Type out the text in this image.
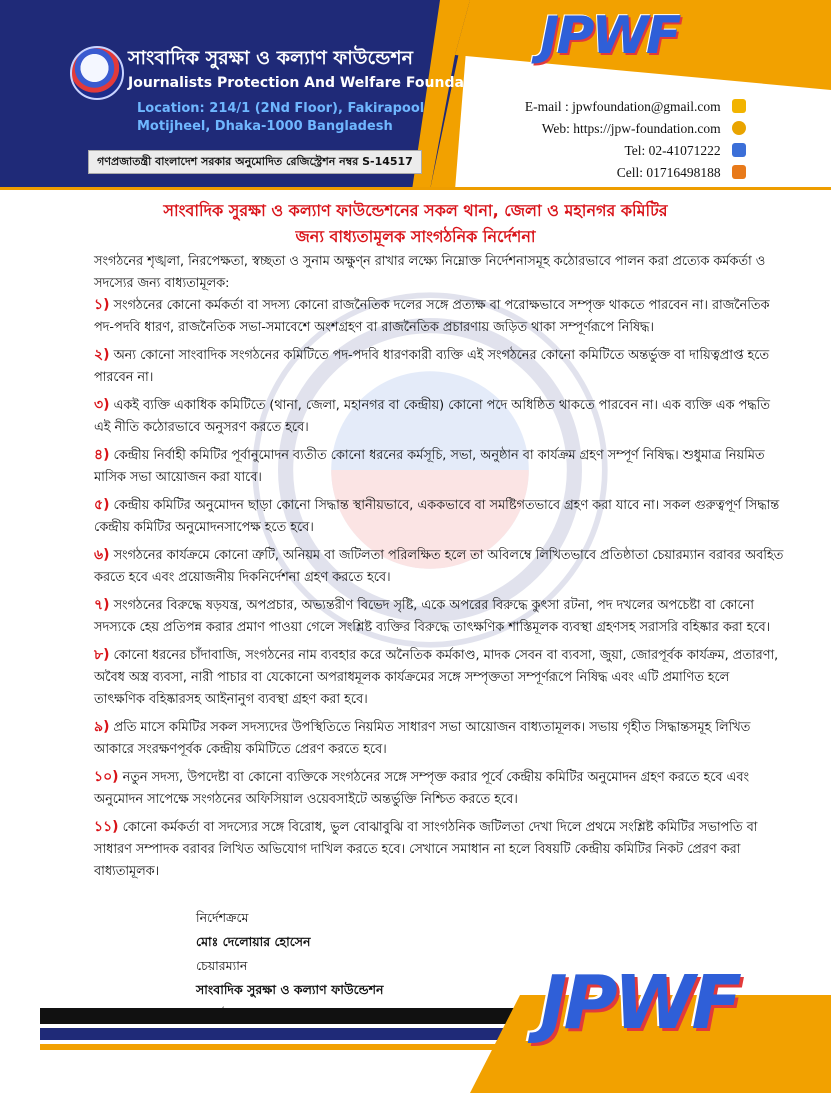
সাংবাদিক সুরক্ষা ও কল্যাণ ফাউন্ডেশন
Journalists Protection And Welfare Foundation
Location: 214/1 (2Nd Floor), Fakirapool
Motijheel, Dhaka-1000 Bangladesh
গণপ্রজাতন্ত্রী বাংলাদেশ সরকার অনুমোদিত রেজিস্ট্রেশন নম্বর S-14517
JPWF
E-mail : jpwfoundation@gmail.com
Web: https://jpw-foundation.com
Tel: 02-41071222
Cell: 01716498188
সাংবাদিক সুরক্ষা ও কল্যাণ ফাউন্ডেশনের সকল থানা, জেলা ও মহানগর কমিটির
জন্য বাধ্যতামূলক সাংগঠনিক নির্দেশনা
সংগঠনের শৃঙ্খলা, নিরপেক্ষতা, স্বচ্ছতা ও সুনাম অক্ষুণ্ন রাখার লক্ষ্যে নিম্নোক্ত নির্দেশনাসমূহ কঠোরভাবে পালন করা প্রত্যেক কর্মকর্তা ও সদস্যের জন্য বাধ্যতামূলক:
১) সংগঠনের কোনো কর্মকর্তা বা সদস্য কোনো রাজনৈতিক দলের সঙ্গে প্রত্যক্ষ বা পরোক্ষভাবে সম্পৃক্ত থাকতে পারবেন না। রাজনৈতিক পদ-পদবি ধারণ, রাজনৈতিক সভা-সমাবেশে অংশগ্রহণ বা রাজনৈতিক প্রচারণায় জড়িত থাকা সম্পূর্ণরূপে নিষিদ্ধ।
২) অন্য কোনো সাংবাদিক সংগঠনের কমিটিতে পদ-পদবি ধারণকারী ব্যক্তি এই সংগঠনের কোনো কমিটিতে অন্তর্ভুক্ত বা দায়িত্বপ্রাপ্ত হতে পারবেন না।
৩) একই ব্যক্তি একাধিক কমিটিতে (থানা, জেলা, মহানগর বা কেন্দ্রীয়) কোনো পদে অধিষ্ঠিত থাকতে পারবেন না। এক ব্যক্তি এক পদ্ধতি এই নীতি কঠোরভাবে অনুসরণ করতে হবে।
৪) কেন্দ্রীয় নির্বাহী কমিটির পূর্বানুমোদন ব্যতীত কোনো ধরনের কর্মসূচি, সভা, অনুষ্ঠান বা কার্যক্রম গ্রহণ সম্পূর্ণ নিষিদ্ধ। শুধুমাত্র নিয়মিত মাসিক সভা আয়োজন করা যাবে।
৫) কেন্দ্রীয় কমিটির অনুমোদন ছাড়া কোনো সিদ্ধান্ত স্থানীয়ভাবে, এককভাবে বা সমষ্টিগতভাবে গ্রহণ করা যাবে না। সকল গুরুত্বপূর্ণ সিদ্ধান্ত কেন্দ্রীয় কমিটির অনুমোদনসাপেক্ষ হতে হবে।
৬) সংগঠনের কার্যক্রমে কোনো ত্রুটি, অনিয়ম বা জটিলতা পরিলক্ষিত হলে তা অবিলম্বে লিখিতভাবে প্রতিষ্ঠাতা চেয়ারম্যান বরাবর অবহিত করতে হবে এবং প্রয়োজনীয় দিকনির্দেশনা গ্রহণ করতে হবে।
৭) সংগঠনের বিরুদ্ধে ষড়যন্ত্র, অপপ্রচার, অভ্যন্তরীণ বিভেদ সৃষ্টি, একে অপরের বিরুদ্ধে কুৎসা রটনা, পদ দখলের অপচেষ্টা বা কোনো সদস্যকে হেয় প্রতিপন্ন করার প্রমাণ পাওয়া গেলে সংশ্লিষ্ট ব্যক্তির বিরুদ্ধে তাৎক্ষণিক শাস্তিমূলক ব্যবস্থা গ্রহণসহ সরাসরি বহিষ্কার করা হবে।
৮) কোনো ধরনের চাঁদাবাজি, সংগঠনের নাম ব্যবহার করে অনৈতিক কর্মকাণ্ড, মাদক সেবন বা ব্যবসা, জুয়া, জোরপূর্বক কার্যক্রম, প্রতারণা, অবৈধ অস্ত্র ব্যবসা, নারী পাচার বা যেকোনো অপরাধমূলক কার্যক্রমের সঙ্গে সম্পৃক্ততা সম্পূর্ণরূপে নিষিদ্ধ এবং এটি প্রমাণিত হলে তাৎক্ষণিক বহিষ্কারসহ আইনানুগ ব্যবস্থা গ্রহণ করা হবে।
৯) প্রতি মাসে কমিটির সকল সদস্যদের উপস্থিতিতে নিয়মিত সাধারণ সভা আয়োজন বাধ্যতামূলক। সভায় গৃহীত সিদ্ধান্তসমূহ লিখিত আকারে সংরক্ষণপূর্বক কেন্দ্রীয় কমিটিতে প্রেরণ করতে হবে।
১০) নতুন সদস্য, উপদেষ্টা বা কোনো ব্যক্তিকে সংগঠনের সঙ্গে সম্পৃক্ত করার পূর্বে কেন্দ্রীয় কমিটির অনুমোদন গ্রহণ করতে হবে এবং অনুমোদন সাপেক্ষে সংগঠনের অফিসিয়াল ওয়েবসাইটে অন্তর্ভুক্তি নিশ্চিত করতে হবে।
১১) কোনো কর্মকর্তা বা সদস্যের সঙ্গে বিরোধ, ভুল বোঝাবুঝি বা সাংগঠনিক জটিলতা দেখা দিলে প্রথমে সংশ্লিষ্ট কমিটির সভাপতি বা সাধারণ সম্পাদক বরাবর লিখিত অভিযোগ দাখিল করতে হবে। সেখানে সমাধান না হলে বিষয়টি কেন্দ্রীয় কমিটির নিকট প্রেরণ করা বাধ্যতামূলক।
নির্দেশক্রমে
মোঃ দেলোয়ার হোসেন
চেয়ারম্যান
সাংবাদিক সুরক্ষা ও কল্যাণ ফাউন্ডেশন JPWF
